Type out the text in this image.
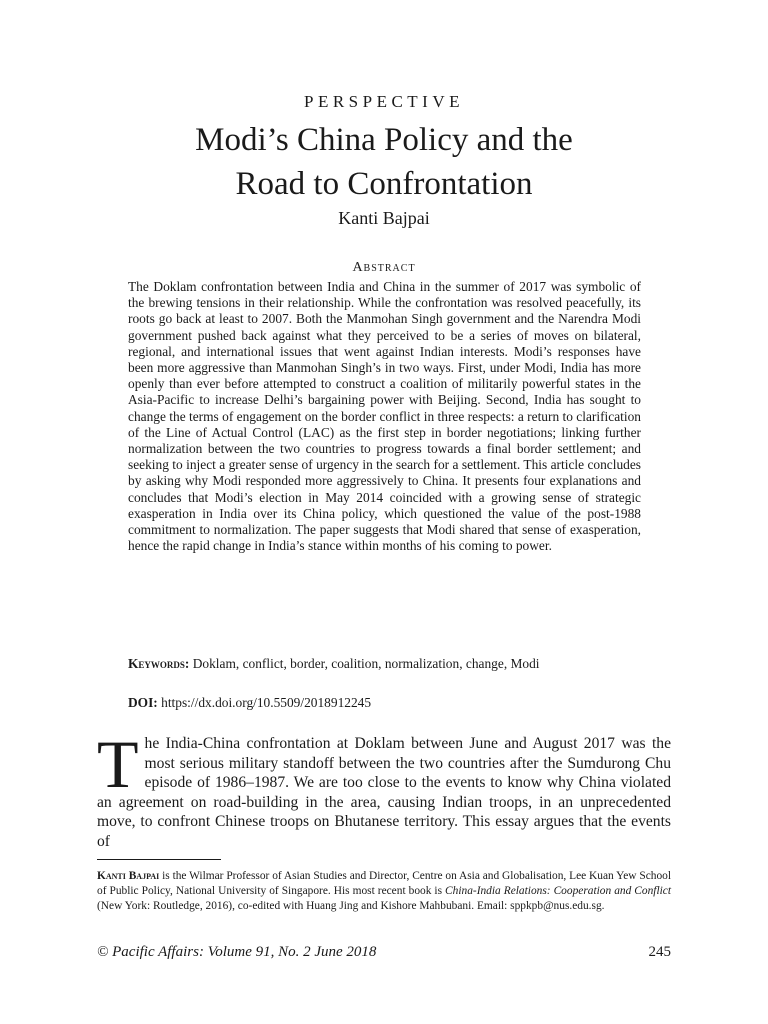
PERSPECTIVE
Modi’s China Policy and the
Road to Confrontation
Kanti Bajpai
Abstract

The Doklam confrontation between India and China in the summer of 2017 was symbolic of the brewing tensions in their relationship. While the confrontation was resolved peacefully, its roots go back at least to 2007. Both the Manmohan Singh government and the Narendra Modi government pushed back against what they perceived to be a series of moves on bilateral, regional, and international issues that went against Indian interests. Modi’s responses have been more aggressive than Manmohan Singh’s in two ways. First, under Modi, India has more openly than ever before attempted to construct a coalition of militarily powerful states in the Asia-Pacific to increase Delhi’s bargaining power with Beijing. Second, India has sought to change the terms of engagement on the border conflict in three respects: a return to clarification of the Line of Actual Control (LAC) as the first step in border negotiations; linking further normalization between the two countries to progress towards a final border settlement; and seeking to inject a greater sense of urgency in the search for a settlement. This article concludes by asking why Modi responded more aggressively to China. It presents four explanations and concludes that Modi’s election in May 2014 coincided with a growing sense of strategic exasperation in India over its China policy, which questioned the value of the post-1988 commitment to normalization. The paper suggests that Modi shared that sense of exasperation, hence the rapid change in India’s stance within months of his coming to power.

Keywords: Doklam, conflict, border, coalition, normalization, change, Modi

DOI: https://dx.doi.org/10.5509/2018912245

The India-China confrontation at Doklam between June and August 2017 was the most serious military standoff between the two countries after the Sumdurong Chu episode of 1986–1987. We are too close to the events to know why China violated an agreement on road-building in the area, causing Indian troops, in an unprecedented move, to confront Chinese troops on Bhutanese territory. This essay argues that the events of

Kanti Bajpai is the Wilmar Professor of Asian Studies and Director, Centre on Asia and Globalisation, Lee Kuan Yew School of Public Policy, National University of Singapore. His most recent book is China-India Relations: Cooperation and Conflict (New York: Routledge, 2016), co-edited with Huang Jing and Kishore Mahbubani. Email: sppkpb@nus.edu.sg.

© Pacific Affairs: Volume 91, No. 2 June 2018	245
